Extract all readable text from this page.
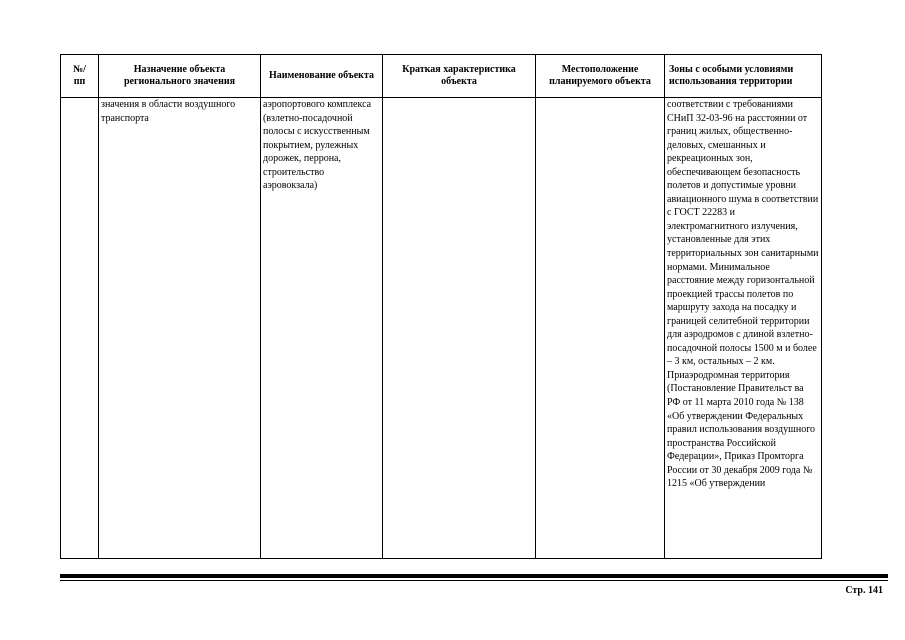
№/
пп	Назначение объекта регионального значения	Наименование объекта	Краткая характеристика объекта	Местоположение планируемого объекта	Зоны с особыми условиями использования территории
	значения в области воздушного транспорта	аэропортового комплекса (взлетно-посадочной полосы с искусственным покрытием, рулежных дорожек, перрона, строительство аэровокзала)			соответствии с требованиями СНиП 32-03-96 на расстоянии от границ жилых, общественно-деловых, смешанных и рекреационных зон, обеспечивающем безопасность полетов и допустимые уровни авиационного шума в соответствии с ГОСТ 22283 и электромагнитного излучения, установленные для этих территориальных зон санитарными нормами. Минимальное расстояние между горизонтальной проекцией трассы полетов по маршруту захода на посадку и границей селитебной территории для аэродромов с длиной взлетно-посадочной полосы 1500 м и более – 3 км, остальных – 2 км. Приаэродромная территория (Постановление Правительст ва РФ от 11 марта 2010 года № 138 «Об утверждении Федеральных правил использования воздушного пространства Российской Федерации», Приказ Промторга России от 30 декабря 2009 года № 1215 «Об утверждении
Стр. 141
